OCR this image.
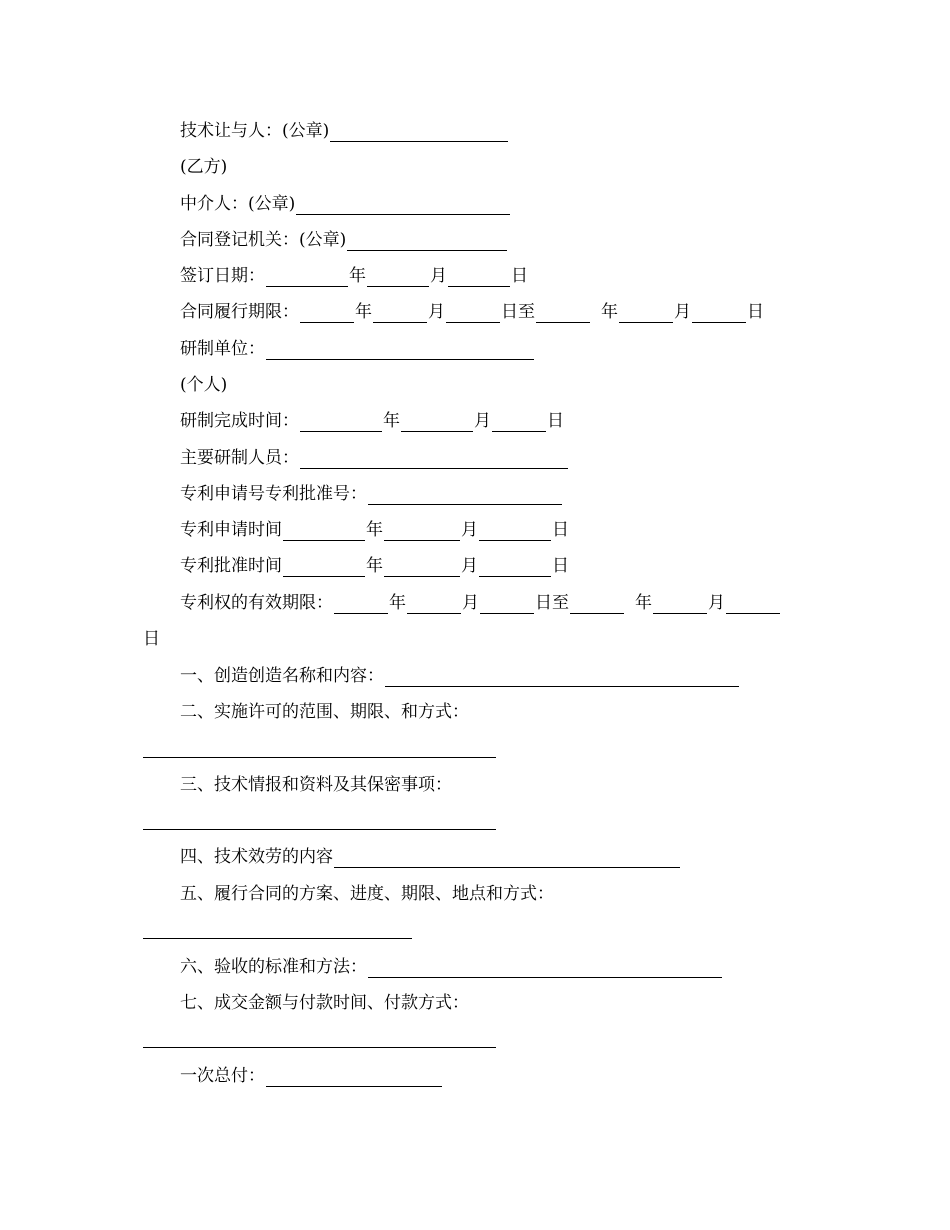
技术让与人：(公章)
(乙方)
中介人：(公章)
合同登记机关：(公章)
签订日期：	年	月	日
合同履行期限：	年	月	日至	年	月	日
研制单位：
(个人)
研制完成时间：	年	月	日
主要研制人员：
专利申请号专利批准号：
专利申请时间	年	月	日
专利批准时间	年	月	日
专利权的有效期限：	年	月	日至	年	月
日
一、创造创造名称和内容：
二、实施许可的范围、期限、和方式：
三、技术情报和资料及其保密事项：
四、技术效劳的内容
五、履行合同的方案、进度、期限、地点和方式：
六、验收的标准和方法：
七、成交金额与付款时间、付款方式：
一次总付：
